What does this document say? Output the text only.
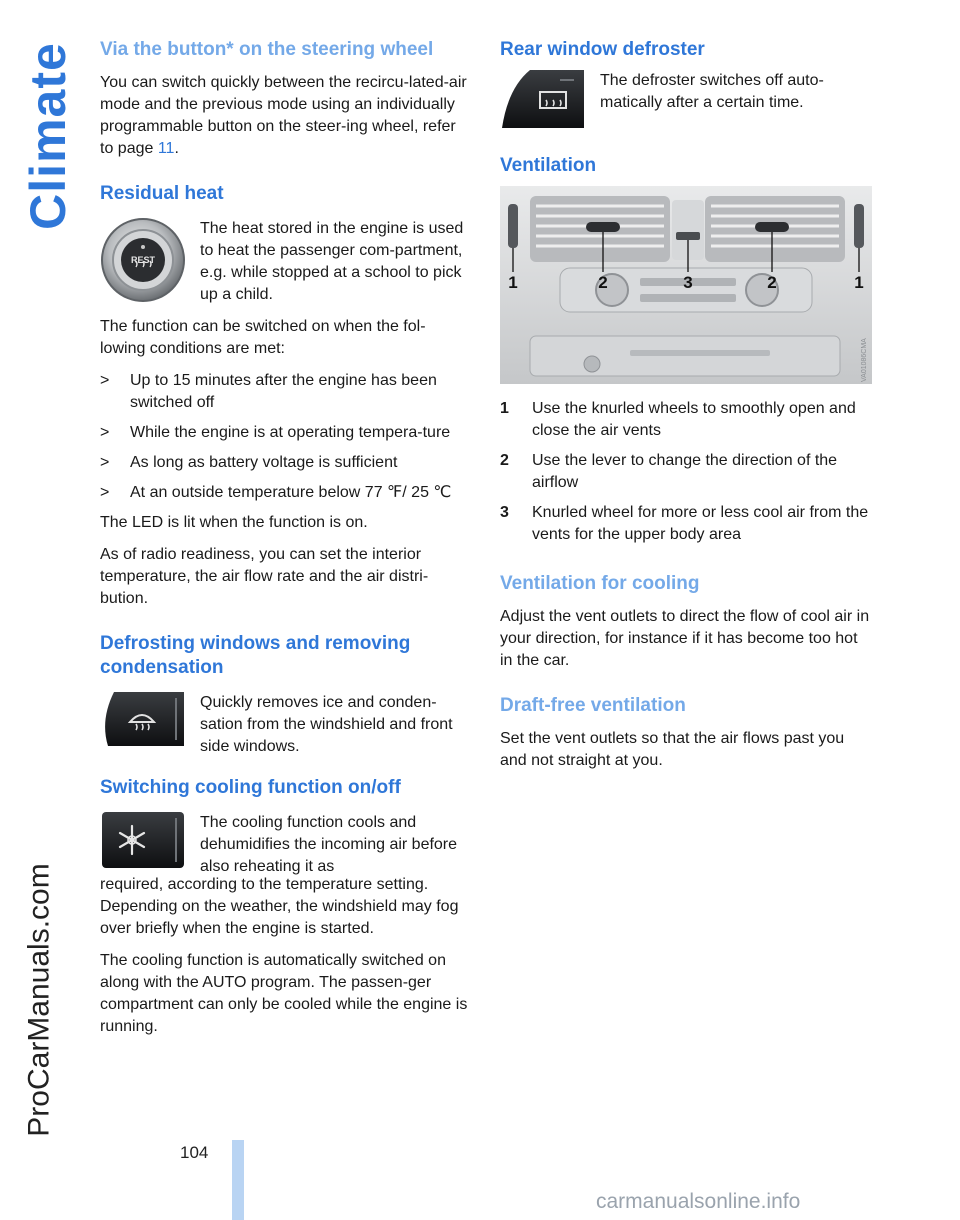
Climate
ProCarManuals.com
Via the button* on the steering wheel

You can switch quickly between the recircu-lated-air mode and the previous mode using an individually programmable button on the steer-ing wheel, refer to page 11.

Residual heat
REST

The heat stored in the engine is used to heat the passenger com-partment, e.g. while stopped at a school to pick up a child.

The function can be switched on when the fol-lowing conditions are met:

> Up to 15 minutes after the engine has been switched off
> While the engine is at operating tempera-ture
> As long as battery voltage is sufficient
> At an outside temperature below 77 ℉/ 25 ℃

The LED is lit when the function is on.

As of radio readiness, you can set the interior temperature, the air flow rate and the air distri-bution.

Defrosting windows and removing condensation

Quickly removes ice and conden-sation from the windshield and front side windows.

Switching cooling function on/off

The cooling function cools and dehumidifies the incoming air before also reheating it as

required, according to the temperature setting. Depending on the weather, the windshield may fog over briefly when the engine is started.

The cooling function is automatically switched on along with the AUTO program. The passen-ger compartment can only be cooled while the engine is running.

Rear window defroster

The defroster switches off auto-matically after a certain time.

Ventilation
1	2	3	2	1
VA01086CMA
1 Use the knurled wheels to smoothly open and close the air vents
2 Use the lever to change the direction of the airflow
3 Knurled wheel for more or less cool air from the vents for the upper body area
Ventilation for cooling

Adjust the vent outlets to direct the flow of cool air in your direction, for instance if it has become too hot in the car.

Draft-free ventilation

Set the vent outlets so that the air flows past you and not straight at you.

104
carmanualsonline.info
